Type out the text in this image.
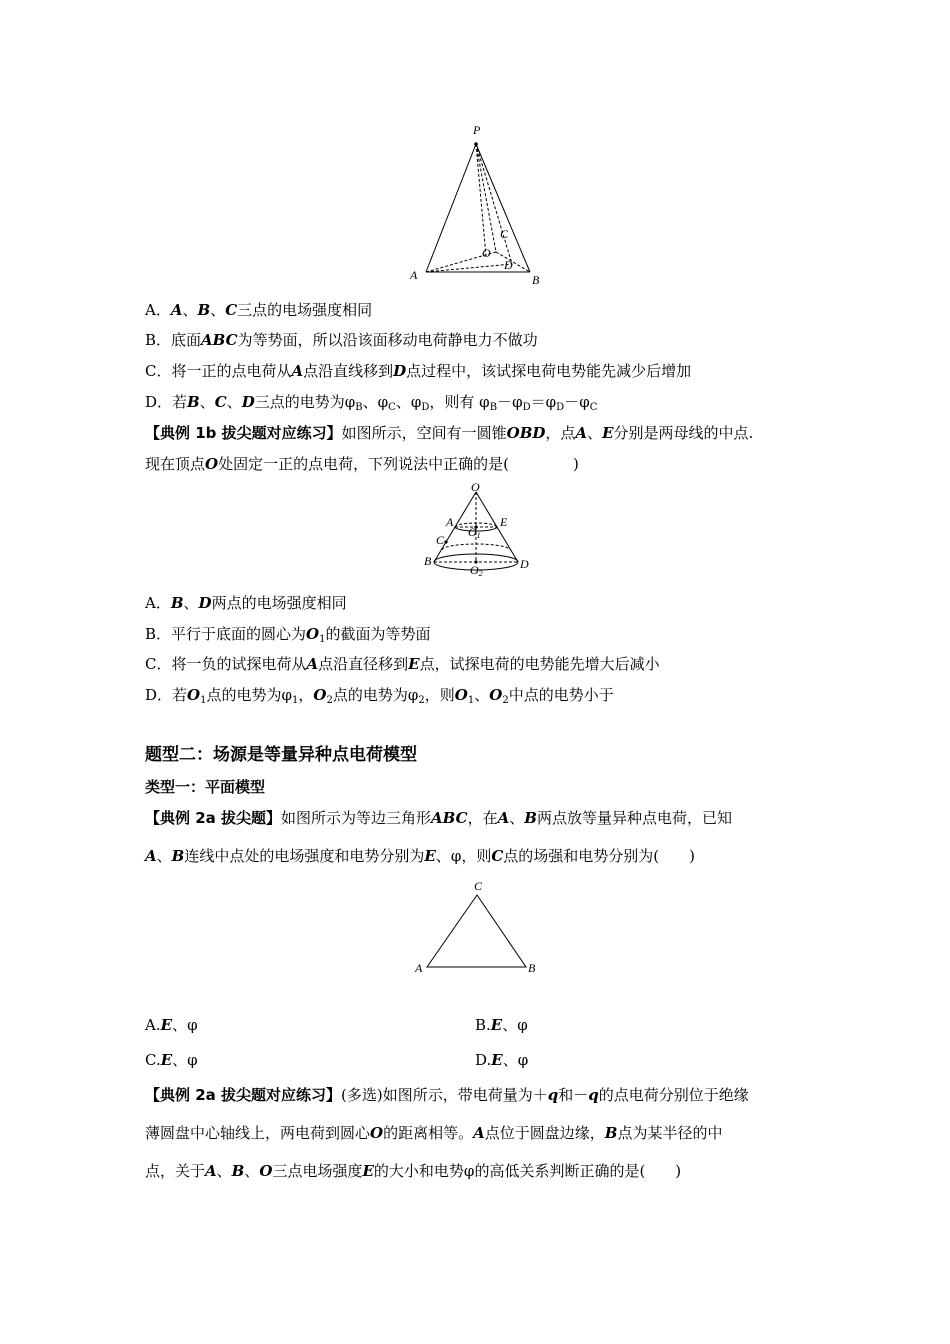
P
A	B
C
D
O
A．A、B、C三点的电场强度相同
B．底面ABC为等势面，所以沿该面移动电荷静电力不做功
C．将一正的点电荷从A点沿直线移到D点过程中，该试探电荷电势能先减少后增加
D．若B、C、D三点的电势为$\varphi_B$、$\varphi_C$、$\varphi_D$，则有 $\varphi_B-\varphi_D=\varphi_D-\varphi_C$
【典例 1b 拔尖题对应练习】如图所示，空间有一圆锥OBD，点A、E分别是两母线的中点.
现在顶点O处固定一正的点电荷，下列说法中正确的是(	)
O
A	E
C
B	D
O1
O2
A．B、D两点的电场强度相同
B．平行于底面的圆心为$O_1$的截面为等势面
C．将一负的试探电荷从A点沿直径移到E点，试探电荷的电势能先增大后减小
D．若$O_1$点的电势为$\varphi_1$，$O_2$点的电势为$\varphi_2$，则$O_1$、$O_2$中点的电势小于
题型二：场源是等量异种点电荷模型
类型一：平面模型
【典例 2a 拔尖题】如图所示为等边三角形ABC，在A、B两点放等量异种点电荷，已知
A、B连线中点处的电场强度和电势分别为E、φ，则C点的场强和电势分别为(　　)
C
A	B
A.E、φ	B.E、φ
C.E、φ	D.E、φ
【典例 2a 拔尖题对应练习】(多选)如图所示，带电荷量为＋q和－q的点电荷分别位于绝缘
薄圆盘中心轴线上，两电荷到圆心O的距离相等。A点位于圆盘边缘，B点为某半径的中
点，关于A、B、O三点电场强度E的大小和电势φ的高低关系判断正确的是(　　)
